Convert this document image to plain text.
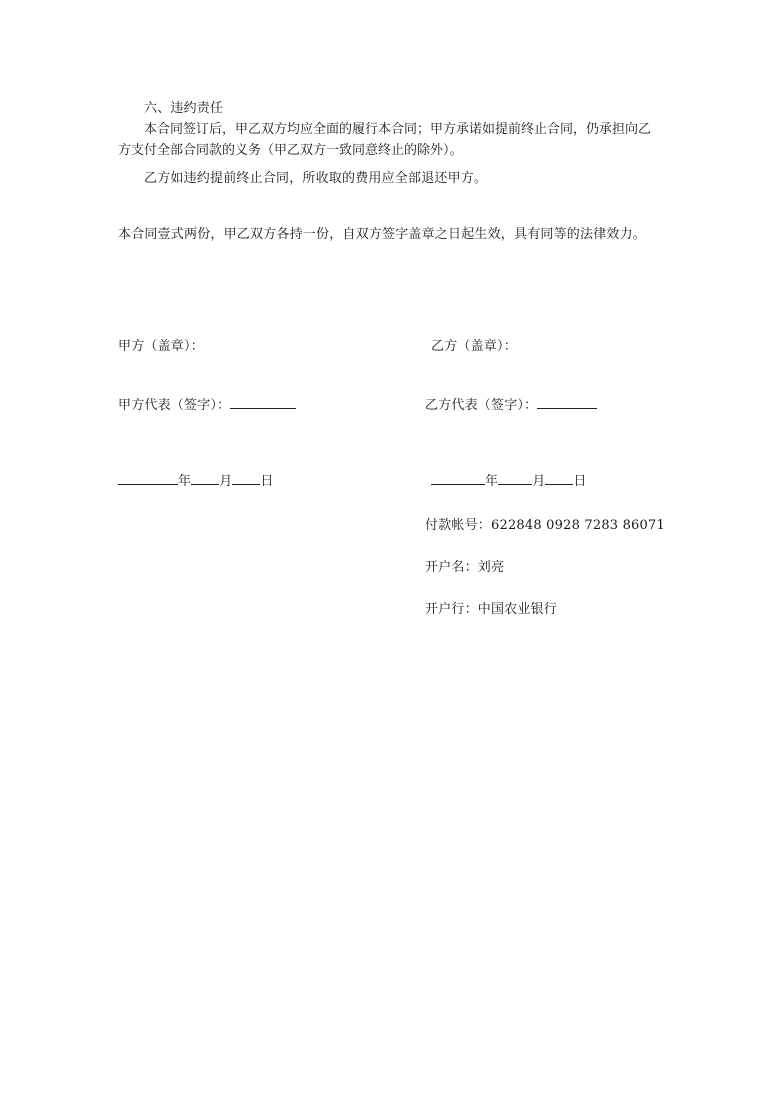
六、违约责任
本合同签订后，甲乙双方均应全面的履行本合同；甲方承诺如提前终止合同，仍承担向乙方支付全部合同款的义务（甲乙双方一致同意终止的除外）。
乙方如违约提前终止合同，所收取的费用应全部退还甲方。
本合同壹式两份，甲乙双方各持一份，自双方签字盖章之日起生效，具有同等的法律效力。
甲方（盖章）：
甲方代表（签字）：
年 月 日
乙方（盖章）：
乙方代表（签字）：
年	月 日
付款帐号：622848 0928 7283 86071
开户名：刘亮
开户行：中国农业银行
